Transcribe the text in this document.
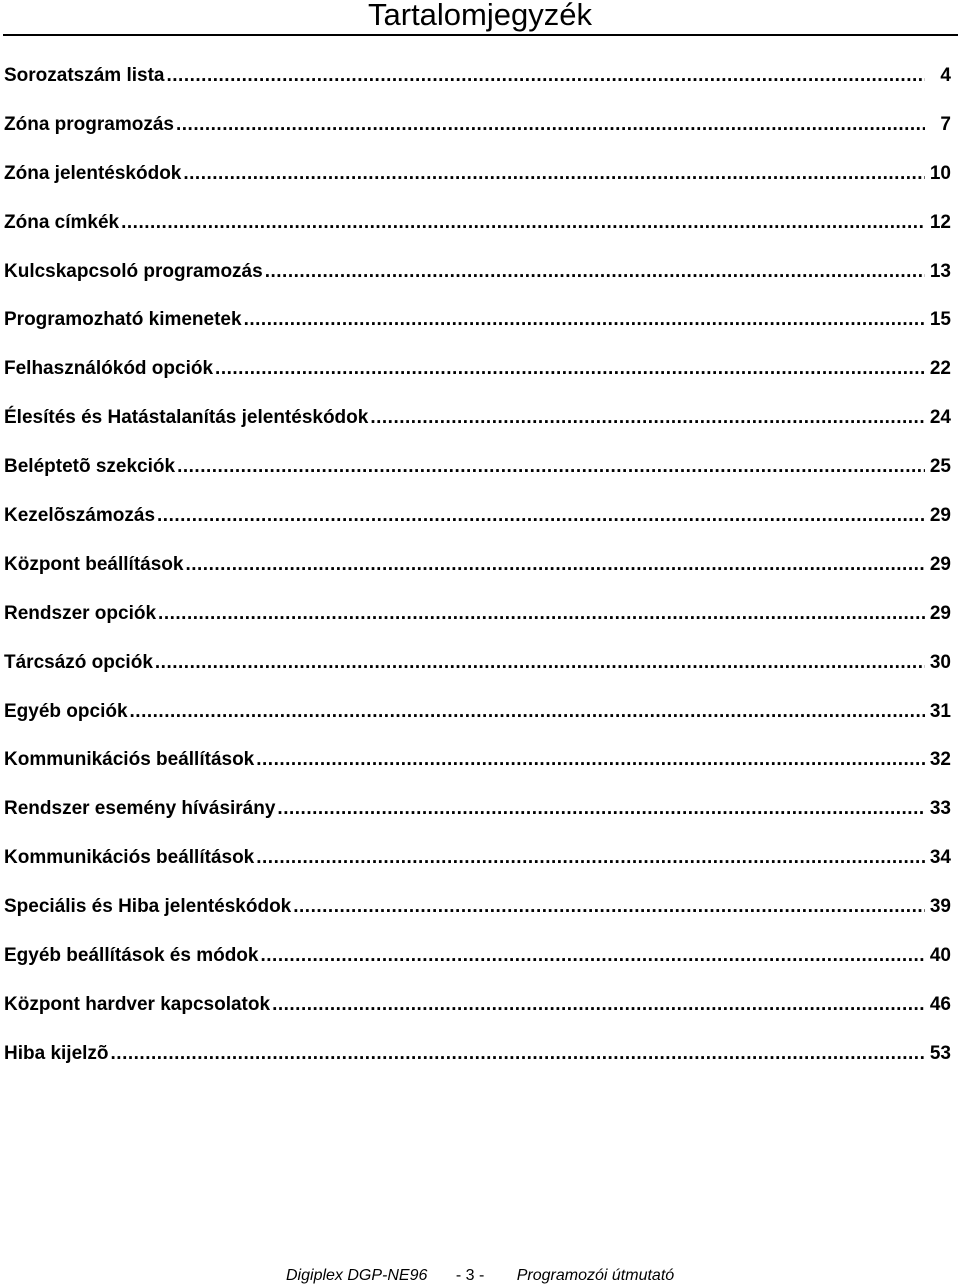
Tartalomjegyzék
Sorozatszám lista .....	4
Zóna programozás .....	7
Zóna jelentéskódok .....	10
Zóna címkék .....	12
Kulcskapcsoló programozás .....	13
Programozható kimenetek .....	15
Felhasználókód opciók .....	22
Élesítés és Hatástalanítás jelentéskódok .....	24
Beléptetõ szekciók .....	25
Kezelõszámozás .....	29
Központ beállítások .....	29
Rendszer opciók .....	29
Tárcsázó opciók .....	30
Egyéb opciók .....	31
Kommunikációs beállítások .....	32
Rendszer esemény hívásirány .....	33
Kommunikációs beállítások .....	34
Speciális és Hiba jelentéskódok .....	39
Egyéb beállítások és módok .....	40
Központ hardver kapcsolatok .....	46
Hiba kijelzõ .....	53
Digiplex DGP-NE96 - 3 - Programozói útmutató
